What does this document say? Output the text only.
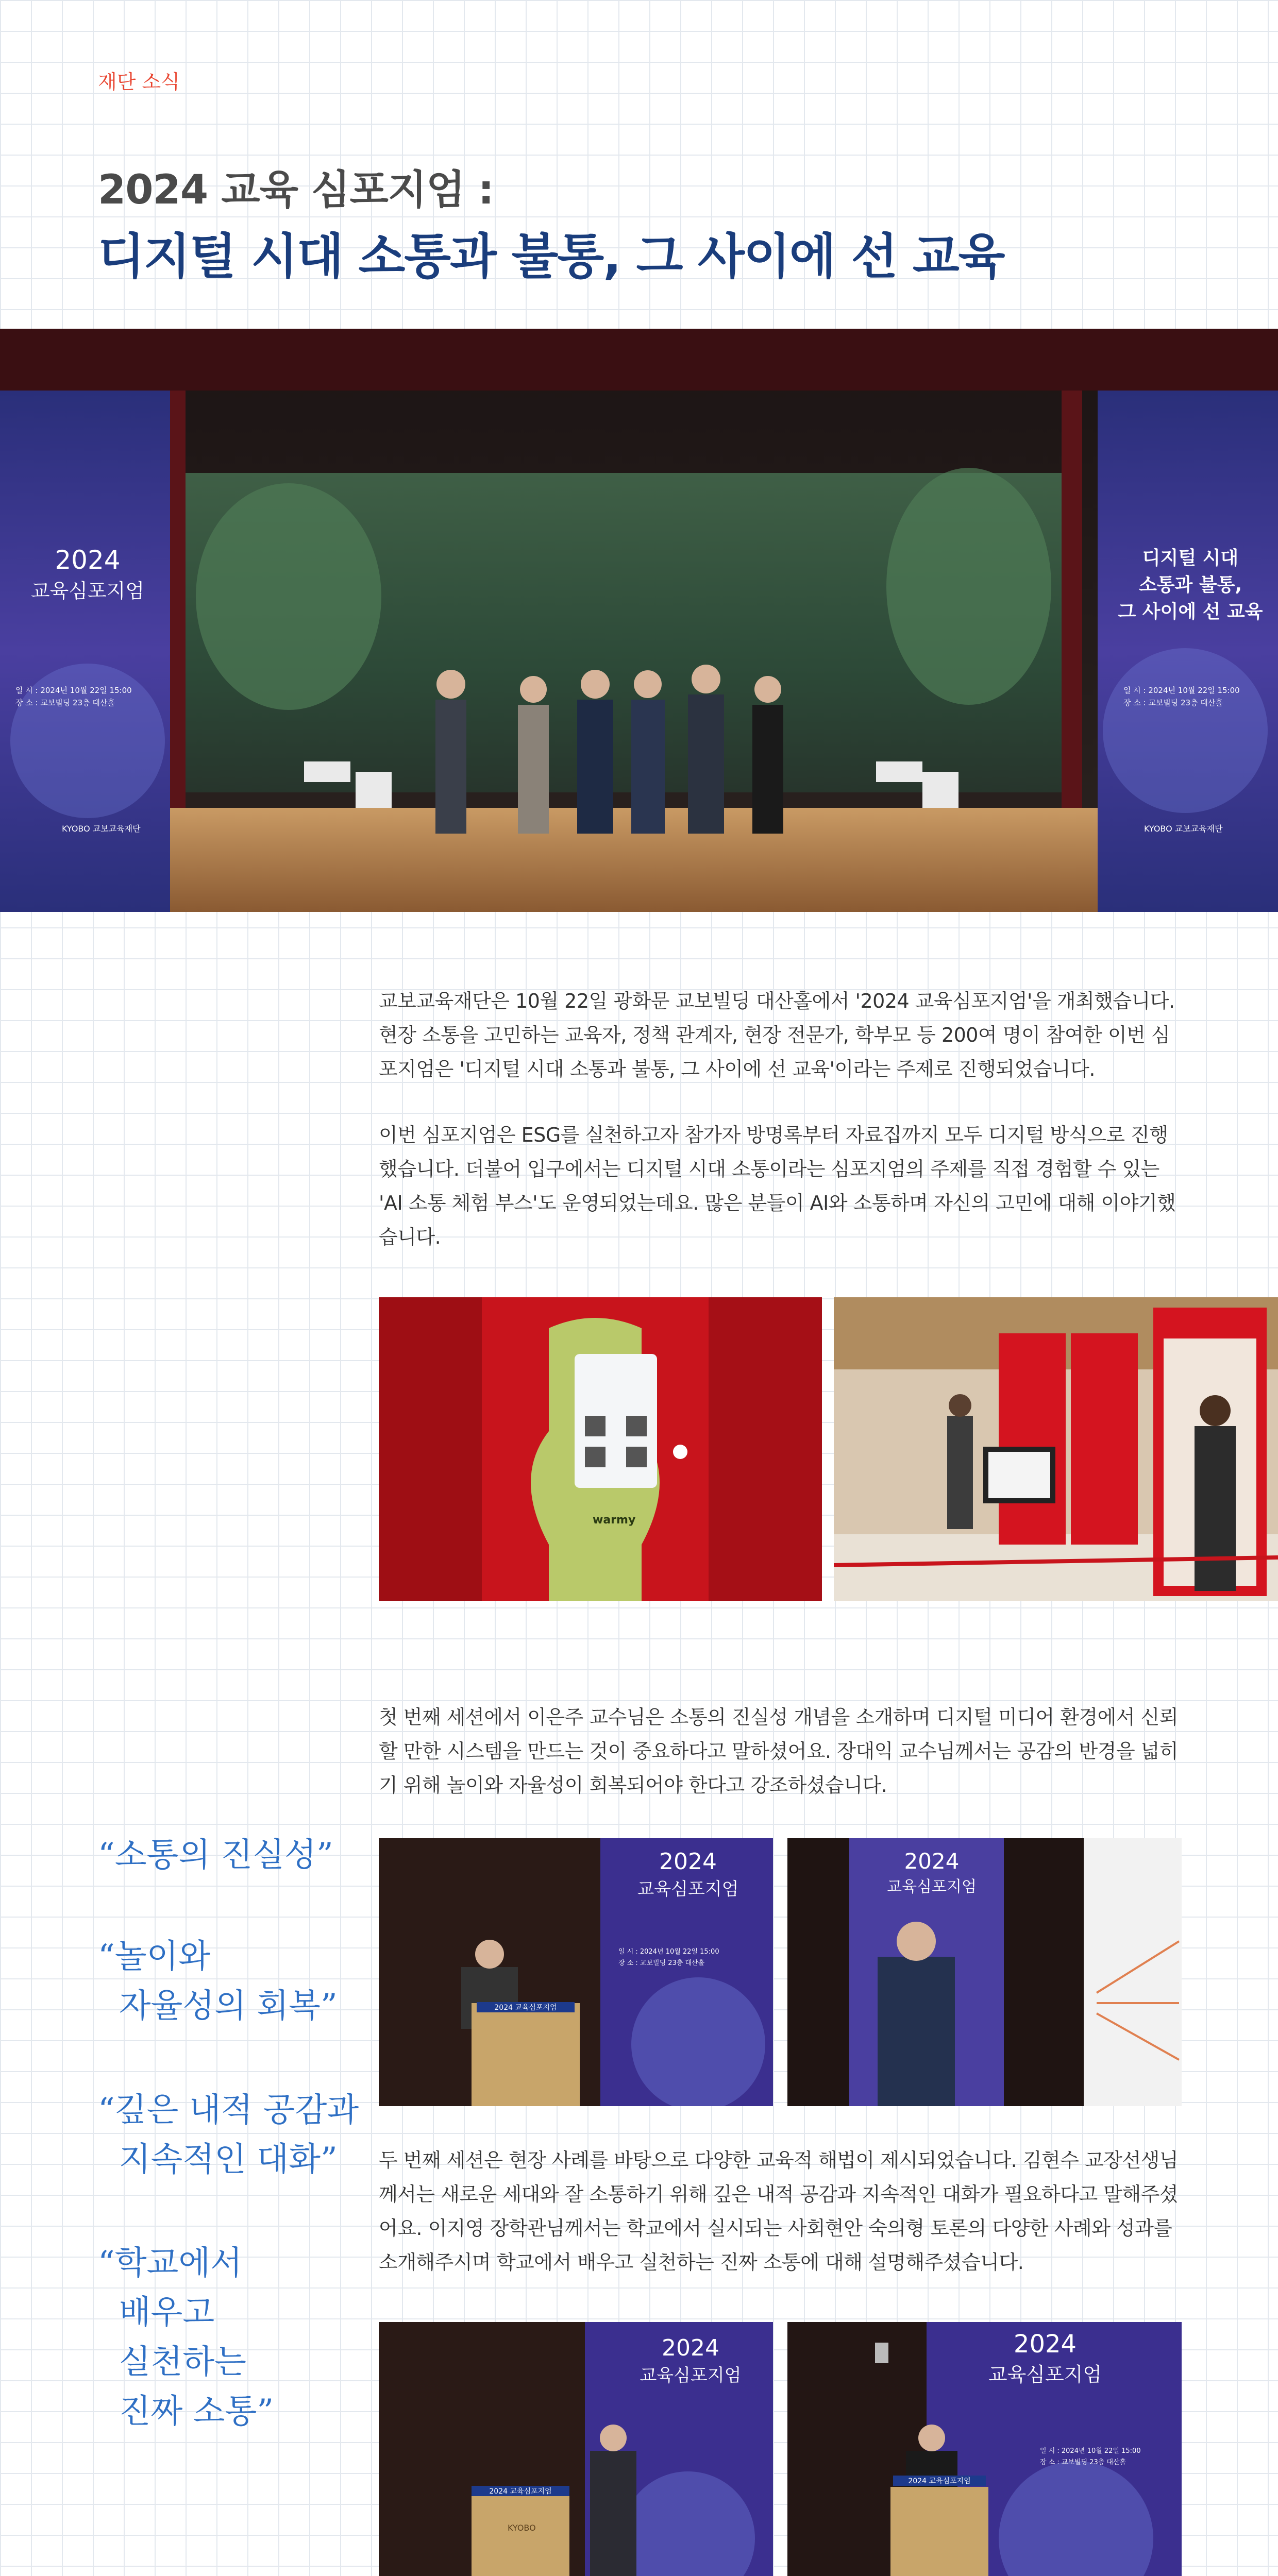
재단 소식
2024 교육 심포지엄 :
디지털 시대 소통과 불통, 그 사이에 선 교육
2024
교육심포지엄
일 시 : 2024년 10월 22일 15:00
장 소 : 교보빌딩 23층 대산홀
KYOBO 교보교육재단
디지털 시대
소통과 불통,
그 사이에 선 교육
일 시 : 2024년 10월 22일 15:00
장 소 : 교보빌딩 23층 대산홀
KYOBO 교보교육재단
교보교육재단은 10월 22일 광화문 교보빌딩 대산홀에서 '2024 교육심포지엄'을 개최했습니다. 현장 소통을 고민하는 교육자, 정책 관계자, 현장 전문가, 학부모 등 200여 명이 참여한 이번 심포지엄은 '디지털 시대 소통과 불통, 그 사이에 선 교육'이라는 주제로 진행되었습니다.
이번 심포지엄은 ESG를 실천하고자 참가자 방명록부터 자료집까지 모두 디지털 방식으로 진행했습니다. 더불어 입구에서는 디지털 시대 소통이라는 심포지엄의 주제를 직접 경험할 수 있는 'AI 소통 체험 부스'도 운영되었는데요. 많은 분들이 AI와 소통하며 자신의 고민에 대해 이야기했습니다.
warmy
첫 번째 세션에서 이은주 교수님은 소통의 진실성 개념을 소개하며 디지털 미디어 환경에서 신뢰할 만한 시스템을 만드는 것이 중요하다고 말하셨어요. 장대익 교수님께서는 공감의 반경을 넓히기 위해 놀이와 자율성이 회복되어야 한다고 강조하셨습니다.
“소통의 진실성”
“놀이와
자율성의 회복”
“깊은 내적 공감과
지속적인 대화”
“학교에서
배우고
실천하는
진짜 소통”
2024
교육심포지엄
일 시 : 2024년 10월 22일 15:00
장 소 : 교보빌딩 23층 대산홀
2024 교육심포지엄
2024
교육심포지엄
두 번째 세션은 현장 사례를 바탕으로 다양한 교육적 해법이 제시되었습니다. 김현수 교장선생님께서는 새로운 세대와 잘 소통하기 위해 깊은 내적 공감과 지속적인 대화가 필요하다고 말해주셨어요. 이지영 장학관님께서는 학교에서 실시되는 사회현안 숙의형 토론의 다양한 사례와 성과를 소개해주시며 학교에서 배우고 실천하는 진짜 소통에 대해 설명해주셨습니다.
2024
교육심포지엄
2024 교육심포지엄
KYOBO
2024
교육심포지엄
일 시 : 2024년 10월 22일 15:00
장 소 : 교보빌딩 23층 대산홀
2024 교육심포지엄
